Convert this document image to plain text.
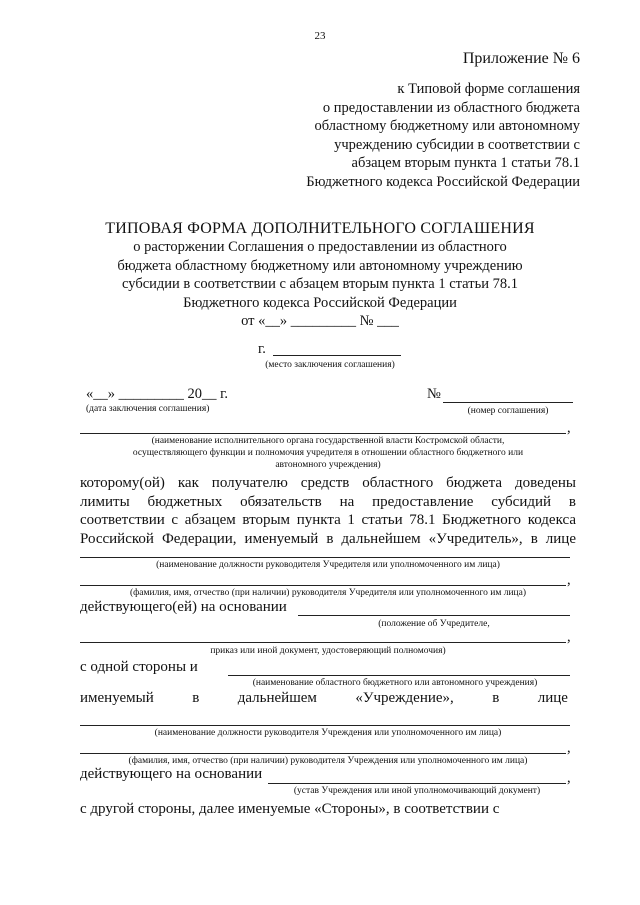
23
Приложение № 6
к Типовой форме соглашения
о предоставлении из областного бюджета
областному бюджетному или автономному
учреждению субсидии в соответствии с
абзацем вторым пункта 1 статьи 78.1
Бюджетного кодекса Российской Федерации
ТИПОВАЯ ФОРМА ДОПОЛНИТЕЛЬНОГО СОГЛАШЕНИЯ
о расторжении Соглашения о предоставлении из областного
бюджета областному бюджетному или автономному учреждению
субсидии в соответствии с абзацем вторым пункта 1 статьи 78.1
Бюджетного кодекса Российской Федерации
от «__» _________ № ___
г.
(место заключения соглашения)
«__» _________ 20__ г.
(дата заключения соглашения)
№
(номер соглашения)
,
(наименование исполнительного органа государственной власти Костромской области,
осуществляющего функции и полномочия учредителя в отношении областного бюджетного или
автономного учреждения)
которому(ой) как получателю средств областного бюджета доведены
лимиты бюджетных обязательств на предоставление субсидий в
соответствии с абзацем вторым пункта 1 статьи 78.1 Бюджетного кодекса
Российской Федерации, именуемый в дальнейшем «Учредитель», в лице
(наименование должности руководителя Учредителя или уполномоченного им лица)
,
(фамилия, имя, отчество (при наличии) руководителя Учредителя или уполномоченного им лица)
действующего(ей) на основании
(положение об Учредителе,
,
приказ или иной документ, удостоверяющий полномочия)
с одной стороны и
(наименование областного бюджетного или автономного учреждения)
именуемый	в	дальнейшем	«Учреждение»,	в	лице
(наименование должности руководителя Учреждения или уполномоченного им лица)
,
(фамилия, имя, отчество (при наличии) руководителя Учреждения или уполномоченного им лица)
действующего на основании	,
(устав Учреждения или иной уполномочивающий документ)
с другой стороны, далее именуемые «Стороны», в соответствии с
